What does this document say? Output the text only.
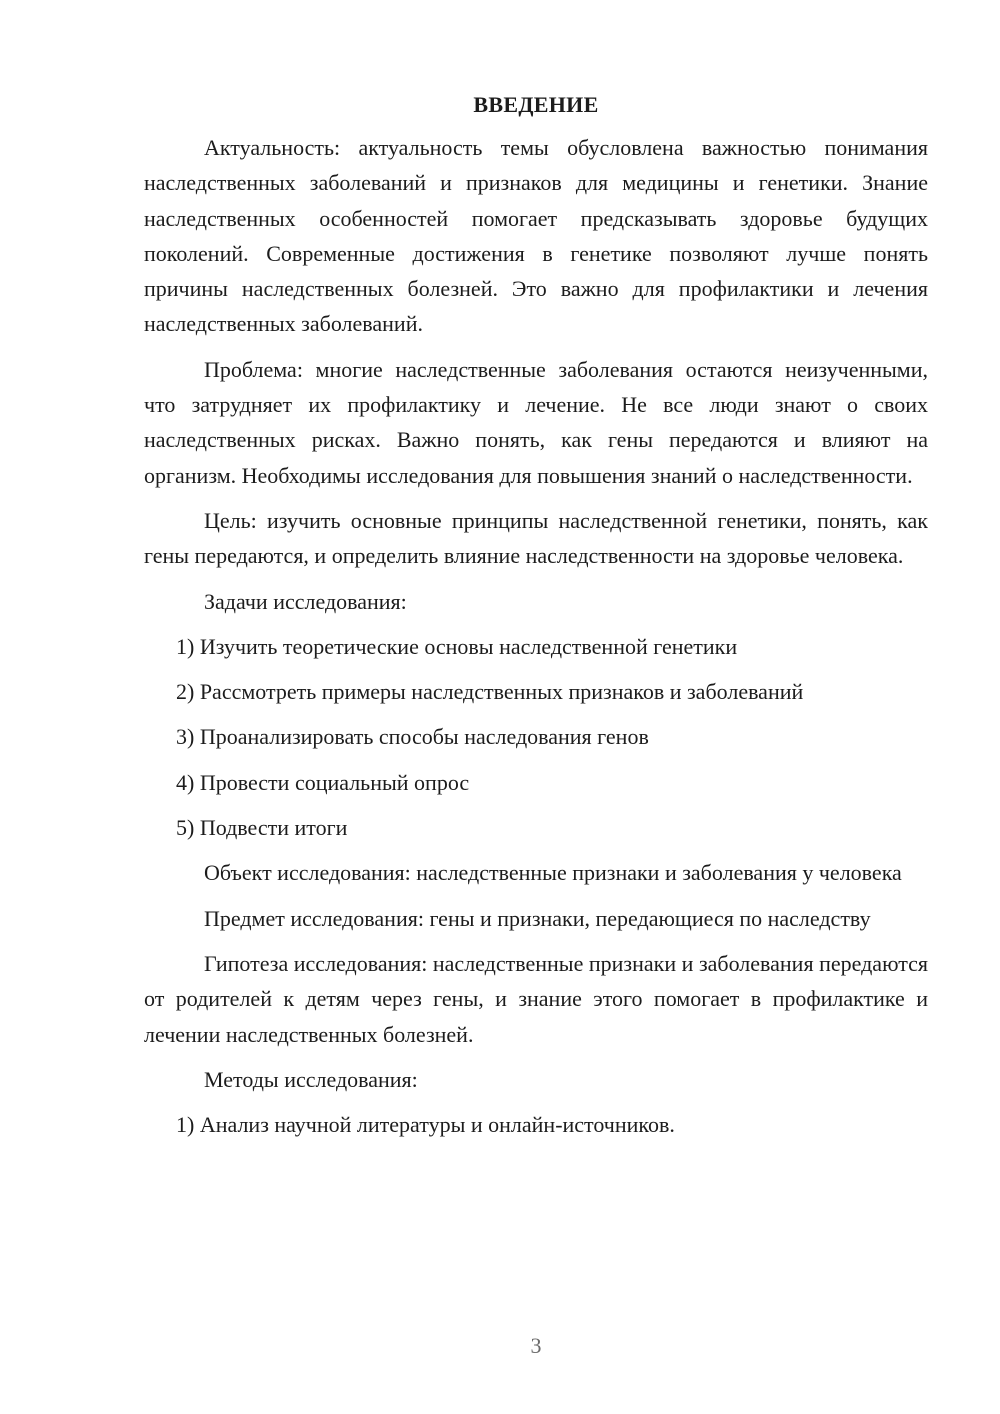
ВВЕДЕНИЕ

Актуальность: актуальность темы обусловлена важностью понимания наследственных заболеваний и признаков для медицины и генетики. Знание наследственных особенностей помогает предсказывать здоровье будущих поколений. Современные достижения в генетике позволяют лучше понять причины наследственных болезней. Это важно для профилактики и лечения наследственных заболеваний.

Проблема: многие наследственные заболевания остаются неизученными, что затрудняет их профилактику и лечение. Не все люди знают о своих наследственных рисках. Важно понять, как гены передаются и влияют на организм. Необходимы исследования для повышения знаний о наследственности.

Цель: изучить основные принципы наследственной генетики, понять, как гены передаются, и определить влияние наследственности на здоровье человека.

Задачи исследования:

1) Изучить теоретические основы наследственной генетики

2) Рассмотреть примеры наследственных признаков и заболеваний

3) Проанализировать способы наследования генов

4) Провести социальный опрос

5) Подвести итоги

Объект исследования: наследственные признаки и заболевания у человека

Предмет исследования: гены и признаки, передающиеся по наследству

Гипотеза исследования: наследственные признаки и заболевания передаются от родителей к детям через гены, и знание этого помогает в профилактике и лечении наследственных болезней.

Методы исследования:

1) Анализ научной литературы и онлайн-источников.

3
